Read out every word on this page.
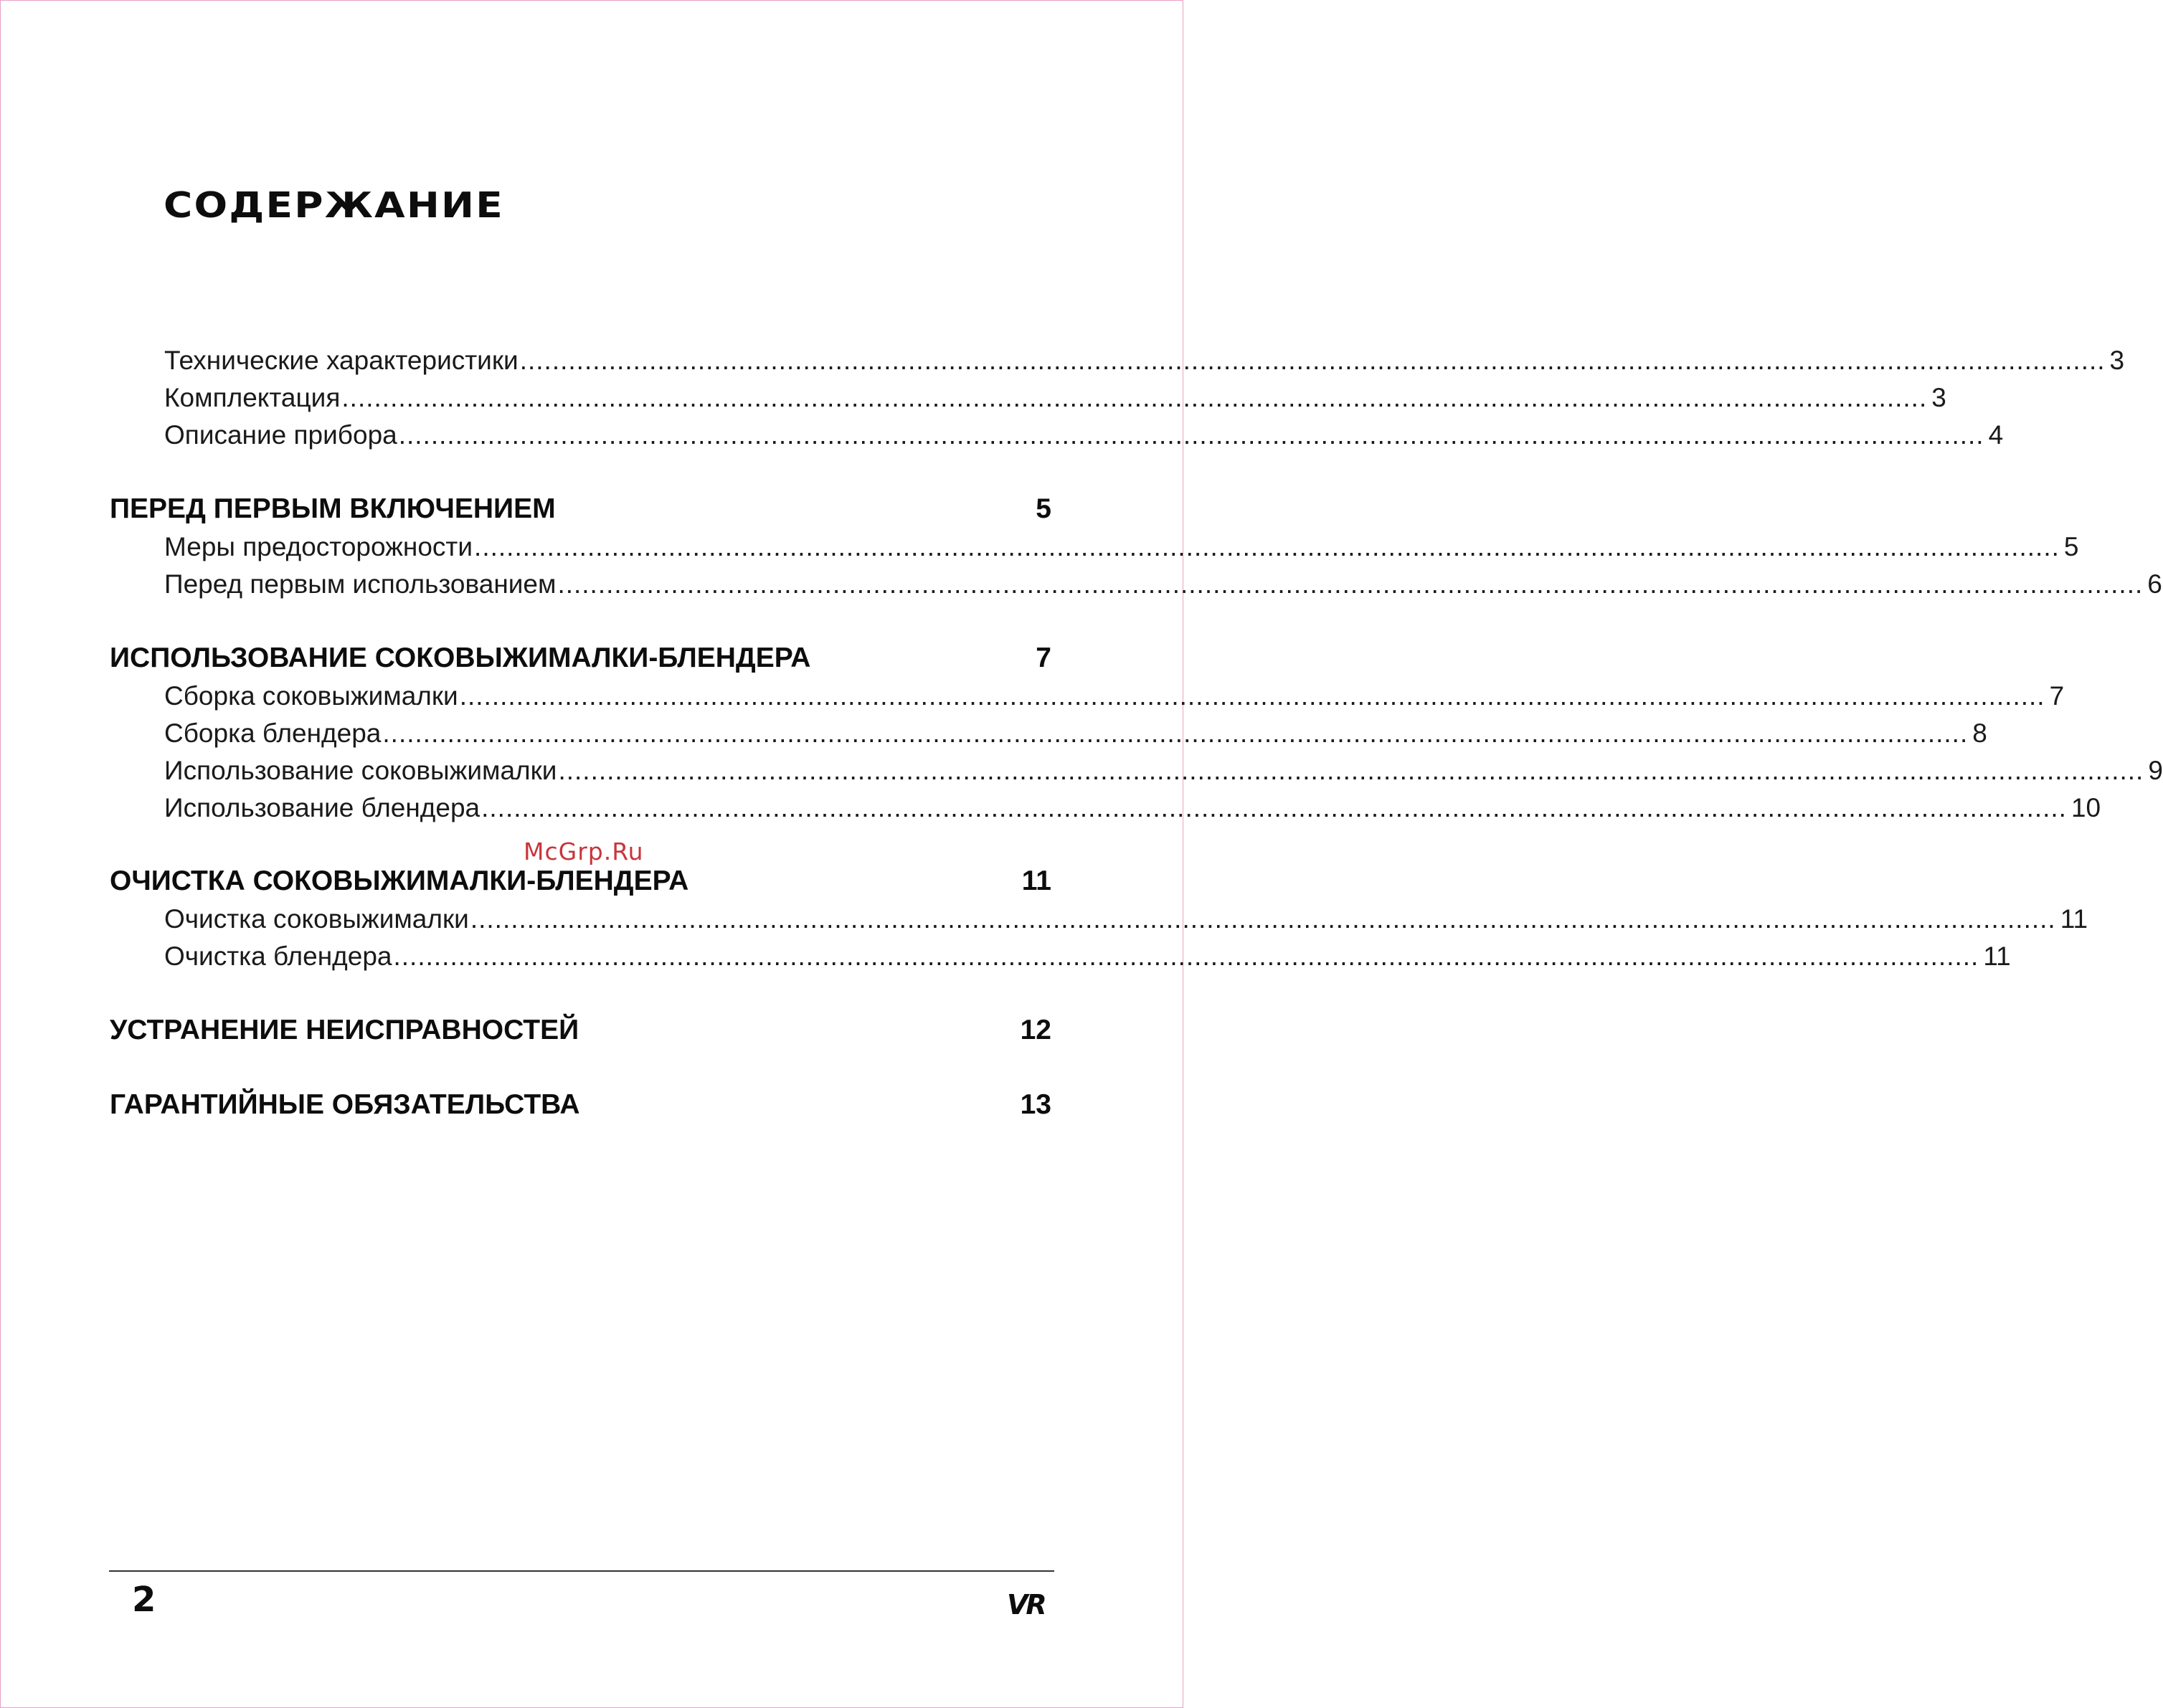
СОДЕРЖАНИЕ
Технические характеристики .................................................................................................................................................................................................... 3
Комплектация .................................................................................................................................................................................................... 3
Описание прибора .................................................................................................................................................................................................... 4
ПЕРЕД ПЕРВЫМ ВКЛЮЧЕНИЕМ	5
Меры предосторожности .................................................................................................................................................................................................... 5
Перед первым использованием .................................................................................................................................................................................................... 6
ИСПОЛЬЗОВАНИЕ СОКОВЫЖИМАЛКИ-БЛЕНДЕРА	7
Сборка соковыжималки .................................................................................................................................................................................................... 7
Сборка блендера .................................................................................................................................................................................................... 8
Использование соковыжималки .................................................................................................................................................................................................... 9
Использование блендера .................................................................................................................................................................................................... 10
ОЧИСТКА СОКОВЫЖИМАЛКИ-БЛЕНДЕРА	11
Очистка соковыжималки .................................................................................................................................................................................................... 11
Очистка блендера .................................................................................................................................................................................................... 11
УСТРАНЕНИЕ НЕИСПРАВНОСТЕЙ	12
ГАРАНТИЙНЫЕ ОБЯЗАТЕЛЬСТВА	13
McGrp.Ru
2	VR
